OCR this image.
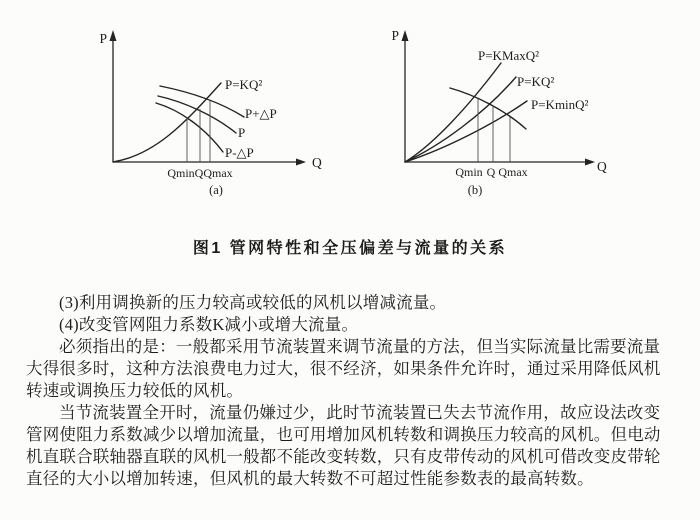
P
Q
P=KQ²
P+△P
P
P-△P
Qmin Q Qmax
(a)
P
Q
P=KMaxQ²
P=KQ²
P=KminQ²
Qmin Q Qmax
(b)
图1 管网特性和全压偏差与流量的关系
(3)利用调换新的压力较高或较低的风机以增减流量。
(4)改变管网阻力系数K减小或增大流量。
必须指出的是：一般都采用节流装置来调节流量的方法，但当实际流量比需要流量
大得很多时，这种方法浪费电力过大，很不经济，如果条件允许时，通过采用降低风机
转速或调换压力较低的风机。
当节流装置全开时，流量仍嫌过少，此时节流装置已失去节流作用，故应设法改变
管网使阻力系数减少以增加流量，也可用增加风机转数和调换压力较高的风机。但电动
机直联合联轴器直联的风机一般都不能改变转数，只有皮带传动的风机可借改变皮带轮
直径的大小以增加转速，但风机的最大转数不可超过性能参数表的最高转数。
